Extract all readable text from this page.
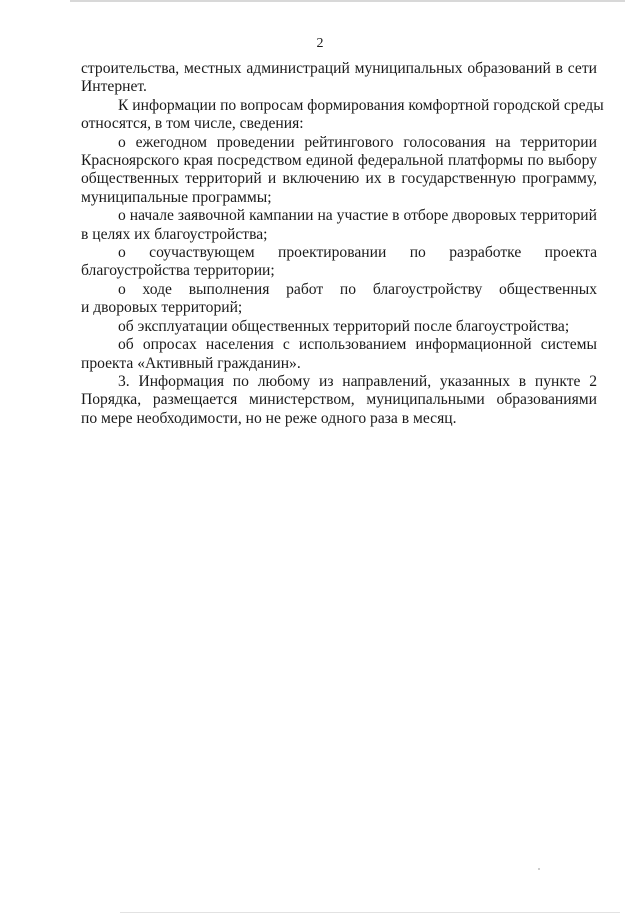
2
строительства, местных администраций муниципальных образований в сети
Интернет.
К информации по вопросам формирования комфортной городской среды
относятся, в том числе, сведения:
о ежегодном проведении рейтингового голосования на территории
Красноярского края посредством единой федеральной платформы по выбору
общественных территорий и включению их в государственную программу,
муниципальные программы;
о начале заявочной кампании на участие в отборе дворовых территорий
в целях их благоустройства;
о соучаствующем проектировании по разработке проекта
благоустройства территории;
о ходе выполнения работ по благоустройству общественных
и дворовых территорий;
об эксплуатации общественных территорий после благоустройства;
об опросах населения с использованием информационной системы
проекта «Активный гражданин».
3. Информация по любому из направлений, указанных в пункте 2
Порядка, размещается министерством, муниципальными образованиями
по мере необходимости, но не реже одного раза в месяц.
